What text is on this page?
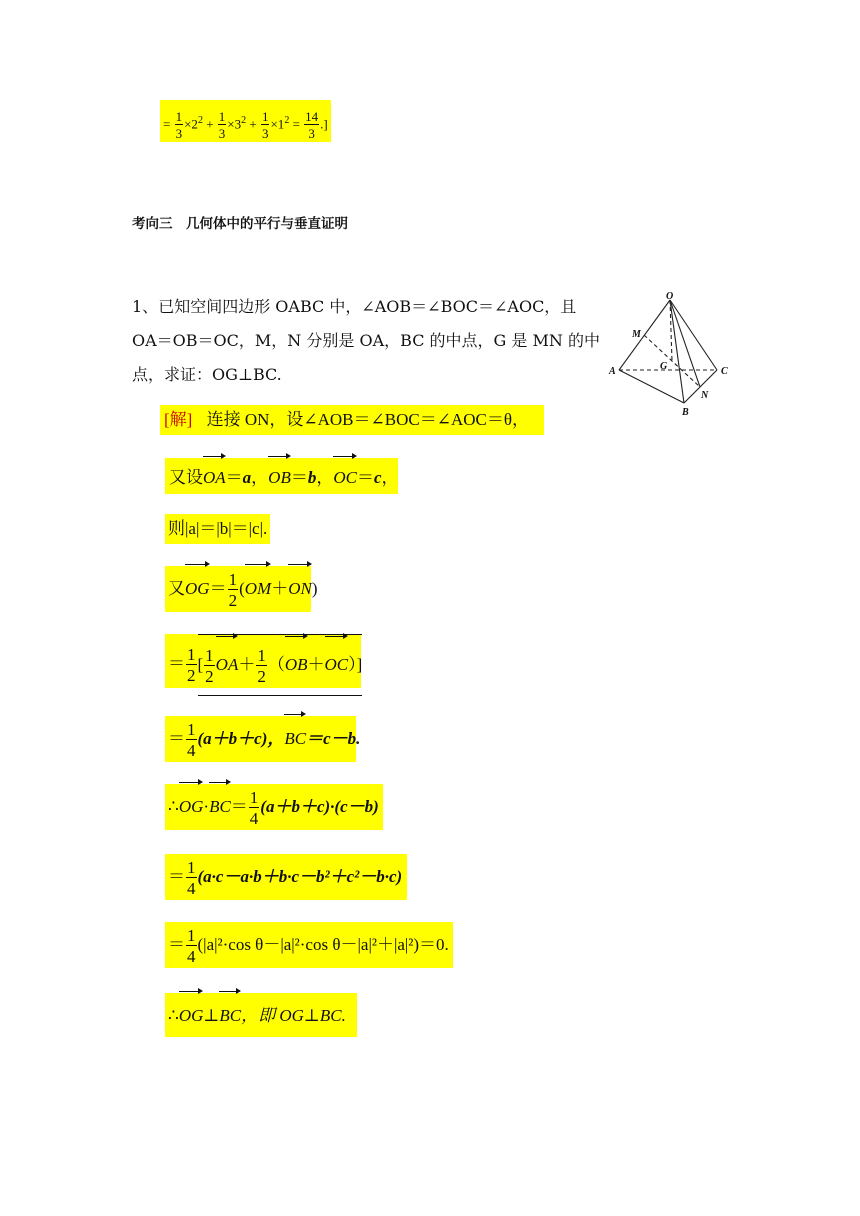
= $\frac{1}{3} \times 2^2 + \frac{1}{3} \times 3^2 + \frac{1}{3} \times 1^2 = \frac{14}{3}$ .]
考向三　几何体中的平行与垂直证明
1、已知空间四边形 OABC 中，∠AOB＝∠BOC＝∠AOC，且
OA＝OB＝OC，M，N 分别是 OA，BC 的中点，G 是 MN 的中
点，求证：OG⊥BC.
O
M
A	G	C
N
B
[解] 连接 ON，设∠AOB＝∠BOC＝∠AOC＝θ，
又设OA＝a，OB＝b，OC＝c，
则|a|＝|b|＝|c|.
又$OG= \frac{1}{2} (OM+ON)$
＝ $\frac{1}{2}$ [ $\frac{1}{2} OA+ \frac{1}{2} (OB+OC)$]
＝ $\frac{1}{4} (a+b+c)$，BC＝c－b.
∴OG·BC＝ $\frac{1}{4} (a+b+c)\cdot(c-b)$
＝ $\frac{1}{4} (a\cdot c-a\cdot b+b\cdot c-b^2+c^2-b\cdot c)$
＝ $\frac{1}{4} (|a|^2\cdot\cos$ θ－|a|²·cos θ－|a|²＋|a|²)＝0.
∴OG⊥BC，即 OG⊥BC.
